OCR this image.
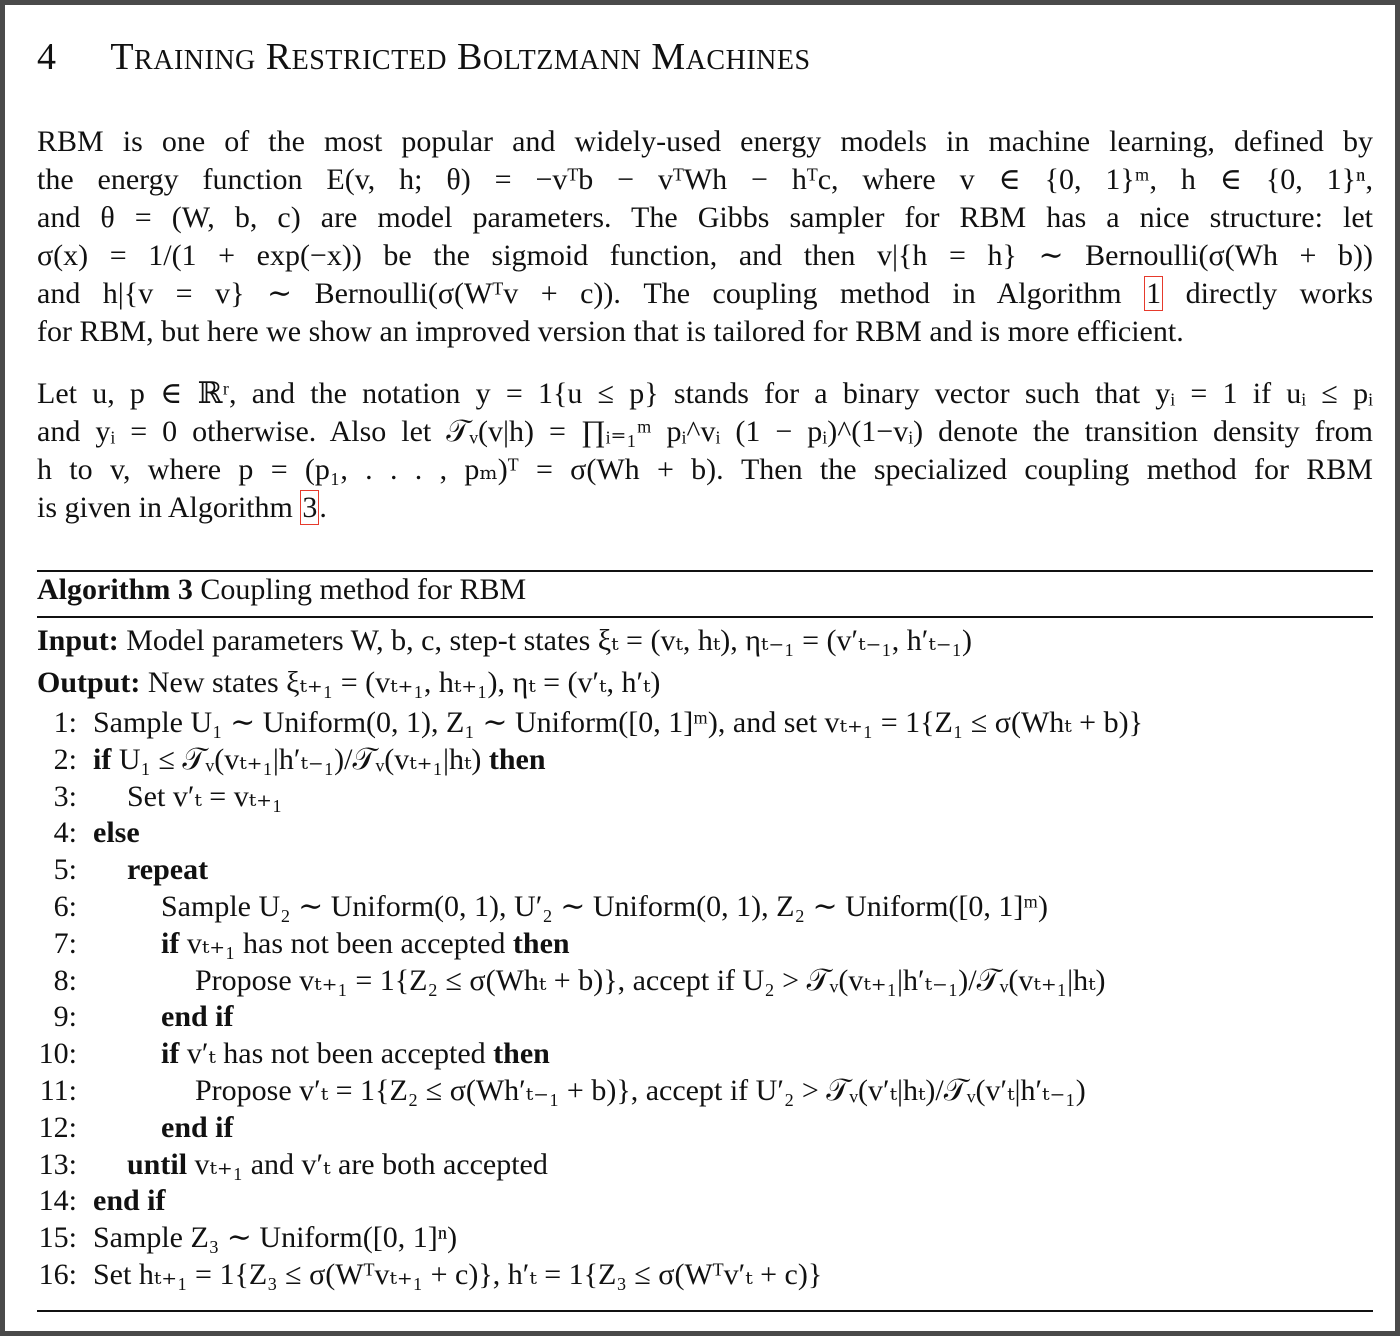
4 TRAINING RESTRICTED BOLTZMANN MACHINES
RBM is one of the most popular and widely-used energy models in machine learning, defined by
the energy function E(v, h; θ) = −vᵀb − vᵀWh − hᵀc, where v ∈ {0, 1}ᵐ, h ∈ {0, 1}ⁿ,
and θ = (W, b, c) are model parameters. The Gibbs sampler for RBM has a nice structure: let
σ(x) = 1/(1 + exp(−x)) be the sigmoid function, and then v|{h = h} ∼ Bernoulli(σ(Wh + b))
and h|{v = v} ∼ Bernoulli(σ(Wᵀv + c)). The coupling method in Algorithm 1 directly works
for RBM, but here we show an improved version that is tailored for RBM and is more efficient.
Let u, p ∈ ℝʳ, and the notation y = 1{u ≤ p} stands for a binary vector such that yᵢ = 1 if uᵢ ≤ pᵢ
and yᵢ = 0 otherwise. Also let 𝒯ᵥ(v|h) = ∏ᵢ₌₁ᵐ pᵢ^vᵢ (1 − pᵢ)^(1−vᵢ) denote the transition density from
h to v, where p = (p₁, . . . , pₘ)ᵀ = σ(Wh + b). Then the specialized coupling method for RBM
is given in Algorithm 3.
Algorithm 3 Coupling method for RBM
Input: Model parameters W, b, c, step-t states ξₜ = (vₜ, hₜ), ηₜ₋₁ = (v′ₜ₋₁, h′ₜ₋₁)
Output: New states ξₜ₊₁ = (vₜ₊₁, hₜ₊₁), ηₜ = (v′ₜ, h′ₜ)
1: Sample U₁ ∼ Uniform(0, 1), Z₁ ∼ Uniform([0, 1]ᵐ), and set vₜ₊₁ = 1{Z₁ ≤ σ(Whₜ + b)}
2: if U₁ ≤ 𝒯ᵥ(vₜ₊₁|h′ₜ₋₁)/𝒯ᵥ(vₜ₊₁|hₜ) then
3: Set v′ₜ = vₜ₊₁
4: else
5: repeat
6:	Sample U₂ ∼ Uniform(0, 1), U′₂ ∼ Uniform(0, 1), Z₂ ∼ Uniform([0, 1]ᵐ)
7:	if vₜ₊₁ has not been accepted then
8:	Propose vₜ₊₁ = 1{Z₂ ≤ σ(Whₜ + b)}, accept if U₂ > 𝒯ᵥ(vₜ₊₁|h′ₜ₋₁)/𝒯ᵥ(vₜ₊₁|hₜ)
9:	end if
10:	if v′ₜ has not been accepted then
11:	Propose v′ₜ = 1{Z₂ ≤ σ(Wh′ₜ₋₁ + b)}, accept if U′₂ > 𝒯ᵥ(v′ₜ|hₜ)/𝒯ᵥ(v′ₜ|h′ₜ₋₁)
12:	end if
13: until vₜ₊₁ and v′ₜ are both accepted
14: end if
15: Sample Z₃ ∼ Uniform([0, 1]ⁿ)
16: Set hₜ₊₁ = 1{Z₃ ≤ σ(Wᵀvₜ₊₁ + c)}, h′ₜ = 1{Z₃ ≤ σ(Wᵀv′ₜ + c)}
